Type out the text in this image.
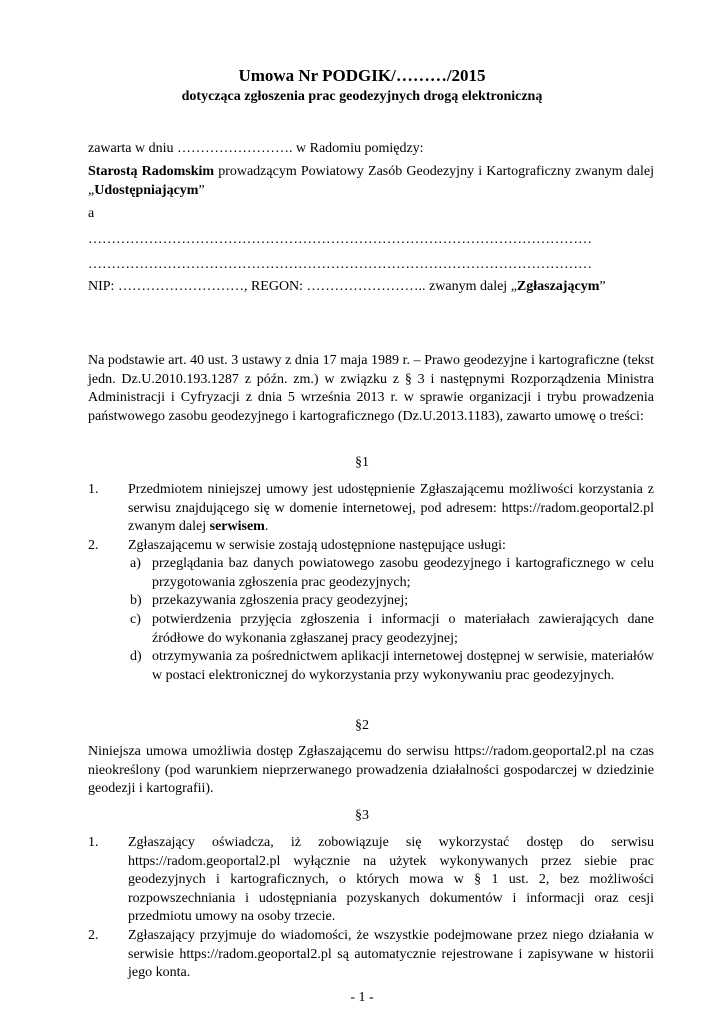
Umowa Nr PODGIK/………/2015
dotycząca zgłoszenia prac geodezyjnych drogą elektroniczną
zawarta w dniu ……………………. w Radomiu pomiędzy:
Starostą Radomskim prowadzącym Powiatowy Zasób Geodezyjny i Kartograficzny zwanym dalej „Udostępniającym”
a
………………………………………………………………………………………………
………………………………………………………………………………………………
NIP: ………………………, REGON: …………………….. zwanym dalej „Zgłaszającym”
Na podstawie art. 40 ust. 3 ustawy z dnia 17 maja 1989 r. – Prawo geodezyjne i kartograficzne (tekst jedn. Dz.U.2010.193.1287 z późn. zm.) w związku z § 3 i następnymi Rozporządzenia Ministra Administracji i Cyfryzacji z dnia 5 września 2013 r. w sprawie organizacji i trybu prowadzenia państwowego zasobu geodezyjnego i kartograficznego (Dz.U.2013.1183), zawarto umowę o treści:
§1
1. Przedmiotem niniejszej umowy jest udostępnienie Zgłaszającemu możliwości korzystania z serwisu znajdującego się w domenie internetowej, pod adresem: https://radom.geoportal2.pl zwanym dalej serwisem.
2. Zgłaszającemu w serwisie zostają udostępnione następujące usługi:
a) przeglądania baz danych powiatowego zasobu geodezyjnego i kartograficznego w celu przygotowania zgłoszenia prac geodezyjnych;
b) przekazywania zgłoszenia pracy geodezyjnej;
c) potwierdzenia przyjęcia zgłoszenia i informacji o materiałach zawierających dane źródłowe do wykonania zgłaszanej pracy geodezyjnej;
d) otrzymywania za pośrednictwem aplikacji internetowej dostępnej w serwisie, materiałów w postaci elektronicznej do wykorzystania przy wykonywaniu prac geodezyjnych.
§2
Niniejsza umowa umożliwia dostęp Zgłaszającemu do serwisu https://radom.geoportal2.pl na czas nieokreślony (pod warunkiem nieprzerwanego prowadzenia działalności gospodarczej w dziedzinie geodezji i kartografii).
§3
1. Zgłaszający oświadcza, iż zobowiązuje się wykorzystać dostęp do serwisu https://radom.geoportal2.pl wyłącznie na użytek wykonywanych przez siebie prac geodezyjnych i kartograficznych, o których mowa w § 1 ust. 2, bez możliwości rozpowszechniania i udostępniania pozyskanych dokumentów i informacji oraz cesji przedmiotu umowy na osoby trzecie.
2. Zgłaszający przyjmuje do wiadomości, że wszystkie podejmowane przez niego działania w serwisie https://radom.geoportal2.pl są automatycznie rejestrowane i zapisywane w historii jego konta.
- 1 -
